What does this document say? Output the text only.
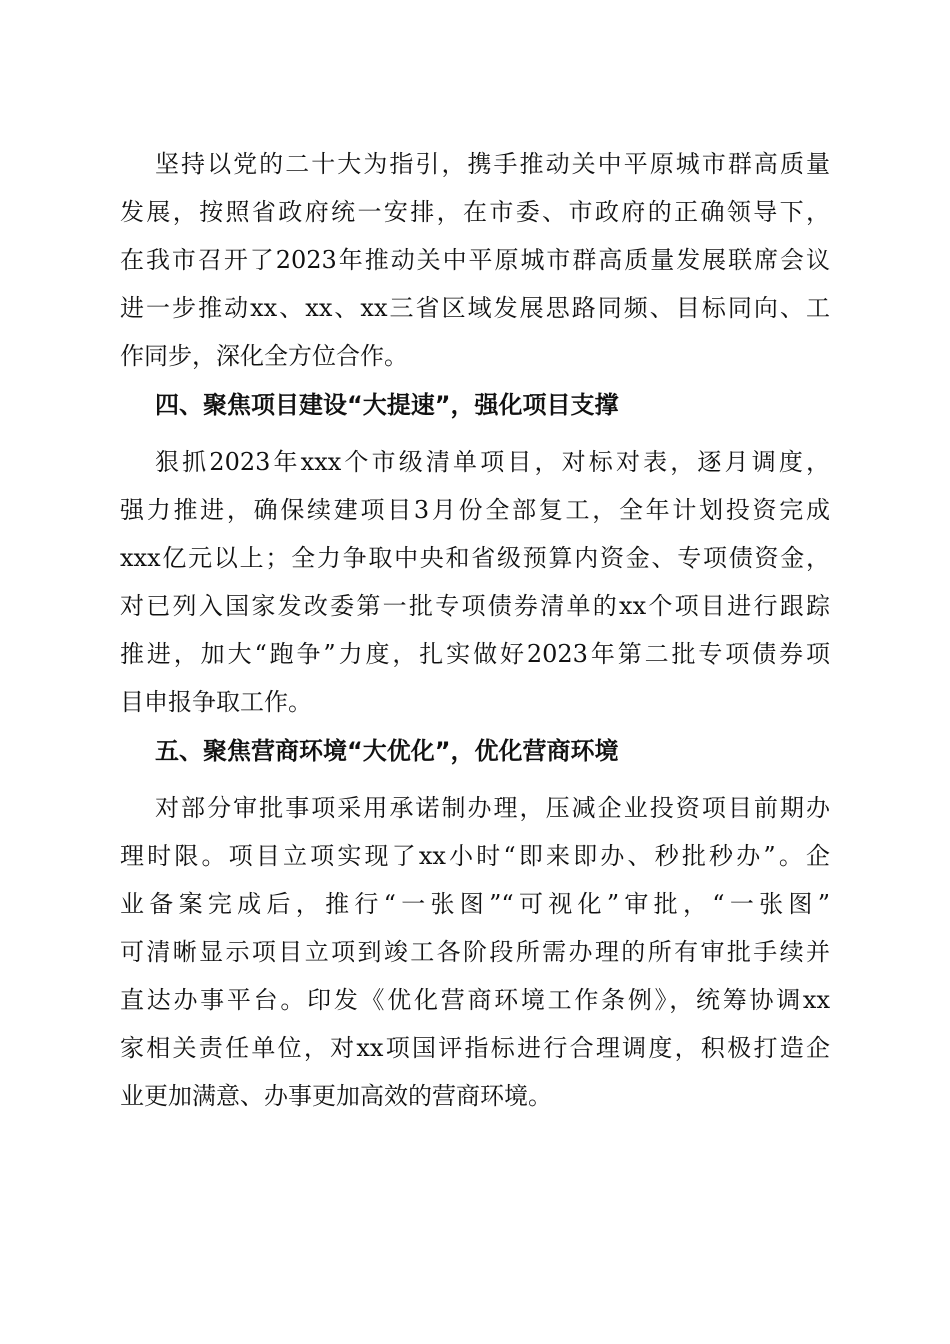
坚持以党的二十大为指引，携手推动关中平原城市群高质量
发展，按照省政府统一安排，在市委、市政府的正确领导下，
在我市召开了2023年推动关中平原城市群高质量发展联席会议
进一步推动xx、xx、xx三省区域发展思路同频、目标同向、工
作同步，深化全方位合作。
四、聚焦项目建设“大提速”，强化项目支撑
狠抓2023年xxx个市级清单项目，对标对表，逐月调度，
强力推进，确保续建项目3月份全部复工，全年计划投资完成
xxx亿元以上；全力争取中央和省级预算内资金、专项债资金，
对已列入国家发改委第一批专项债券清单的xx个项目进行跟踪
推进，加大“跑争”力度，扎实做好2023年第二批专项债券项
目申报争取工作。
五、聚焦营商环境“大优化”，优化营商环境
对部分审批事项采用承诺制办理，压减企业投资项目前期办
理时限。项目立项实现了xx小时“即来即办、秒批秒办”。企
业备案完成后，推行“一张图”“可视化”审批，“一张图”
可清晰显示项目立项到竣工各阶段所需办理的所有审批手续并
直达办事平台。印发《优化营商环境工作条例》，统筹协调xx
家相关责任单位，对xx项国评指标进行合理调度，积极打造企
业更加满意、办事更加高效的营商环境。
